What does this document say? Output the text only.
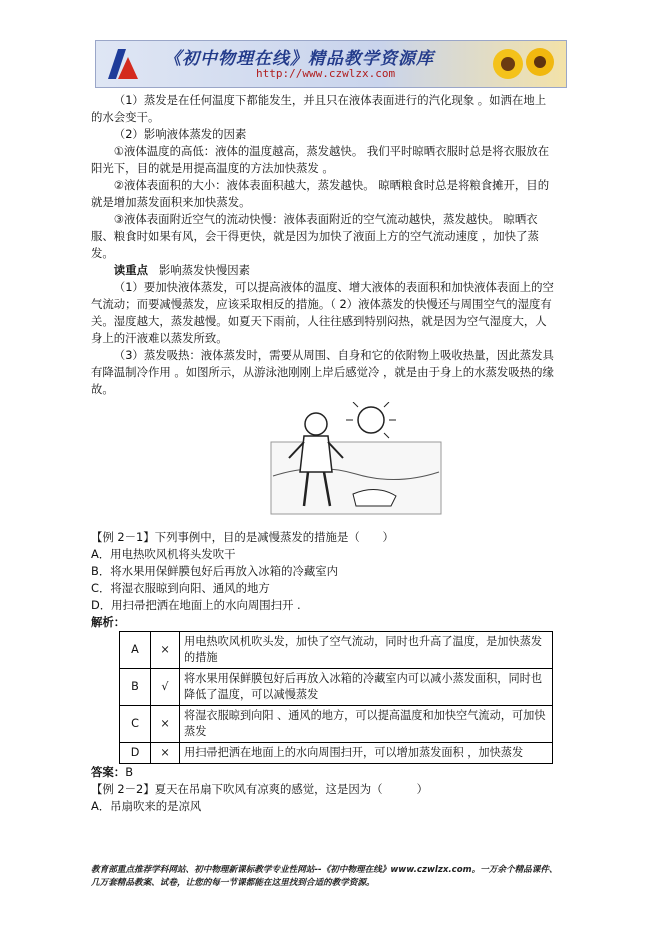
《初中物理在线》精品教学资源库
http://www.czwlzx.com

（1）蒸发是在任何温度下都能发生，并且只在液体表面进行的汽化现象 。如洒在地上的水会变干。

（2）影响液体蒸发的因素

①液体温度的高低：液体的温度越高，蒸发越快。 我们平时晾晒衣服时总是将衣服放在阳光下，目的就是用提高温度的方法加快蒸发 。

②液体表面积的大小：液体表面积越大，蒸发越快。 晾晒粮食时总是将粮食摊开，目的就是增加蒸发面积来加快蒸发。

③液体表面附近空气的流动快慢：液体表面附近的空气流动越快，蒸发越快。 晾晒衣服、粮食时如果有风，会干得更快，就是因为加快了液面上方的空气流动速度 ，加快了蒸发。

读重点 影响蒸发快慢因素

（1）要加快液体蒸发，可以提高液体的温度、增大液体的表面积和加快液体表面上的空气流动；而要减慢蒸发，应该采取相反的措施。（ 2）液体蒸发的快慢还与周围空气的湿度有关。湿度越大，蒸发越慢。如夏天下雨前，人往往感到特别闷热，就是因为空气湿度大，人身上的汗液难以蒸发所致。

（3）蒸发吸热：液体蒸发时，需要从周围、自身和它的依附物上吸收热量，因此蒸发具有降温制冷作用 。如图所示，从游泳池刚刚上岸后感觉冷 ，就是由于身上的水蒸发吸热的缘故。

【例 2－1】下列事例中，目的是减慢蒸发的措施是（　　）

A．用电热吹风机将头发吹干

B．将水果用保鲜膜包好后再放入冰箱的冷藏室内

C．将湿衣服晾到向阳、通风的地方

D．用扫帚把洒在地面上的水向周围扫开 .

解析：

A	×	用电热吹风机吹头发，加快了空气流动，同时也升高了温度，是加快蒸发的措施
B	√	将水果用保鲜膜包好后再放入冰箱的冷藏室内可以减小蒸发面积，同时也降低了温度，可以减慢蒸发
C	×	将湿衣服晾到向阳 、通风的地方，可以提高温度和加快空气流动，可加快蒸发
D	×	用扫帚把洒在地面上的水向周围扫开，可以增加蒸发面积 ，加快蒸发

答案：B

【例 2－2】夏天在吊扇下吹风有凉爽的感觉，这是因为（　　　）

A．吊扇吹来的是凉风

教育部重点推荐学科网站、初中物理新课标教学专业性网站--《初中物理在线》www.czwlzx.com。一万余个精品课件、几万套精品教案、试卷，让您的每一节课都能在这里找到合适的教学资源。
